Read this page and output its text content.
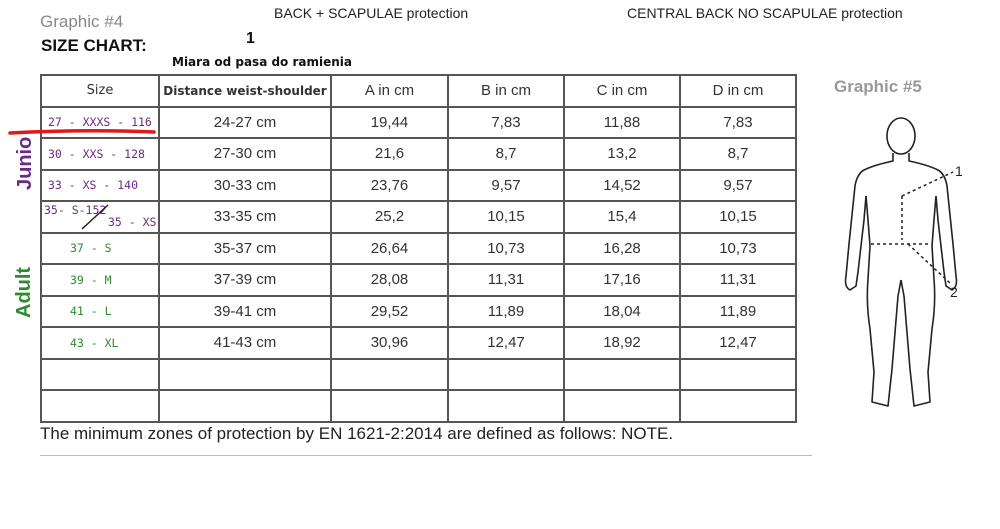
Graphic #4
SIZE CHART:	1
Miara od pasa do ramienia
BACK + SCAPULAE protection	CENTRAL BACK NO SCAPULAE protection
Graphic #5
Size	Distance weist-shoulder	A in cm	B in cm	C in cm	D in cm
27 - XXXS - 116	24-27 cm	19,44	7,83	11,88	7,83
30 - XXS - 128	27-30 cm	21,6	8,7	13,2	8,7
33 - XS - 140	30-33 cm	23,76	9,57	14,52	9,57

35- S-152
35 - XS	33-35 cm	25,2	10,15	15,4	10,15
37 - S	35-37 cm	26,64	10,73	16,28	10,73
39 - M	37-39 cm	28,08	11,31	17,16	11,31
41 - L	39-41 cm	29,52	11,89	18,04	11,89
43 - XL	41-43 cm	30,96	12,47	18,92	12,47

Junio
Adult
The minimum zones of protection by EN 1621-2:2014 are defined as follows: NOTE.
1
2
